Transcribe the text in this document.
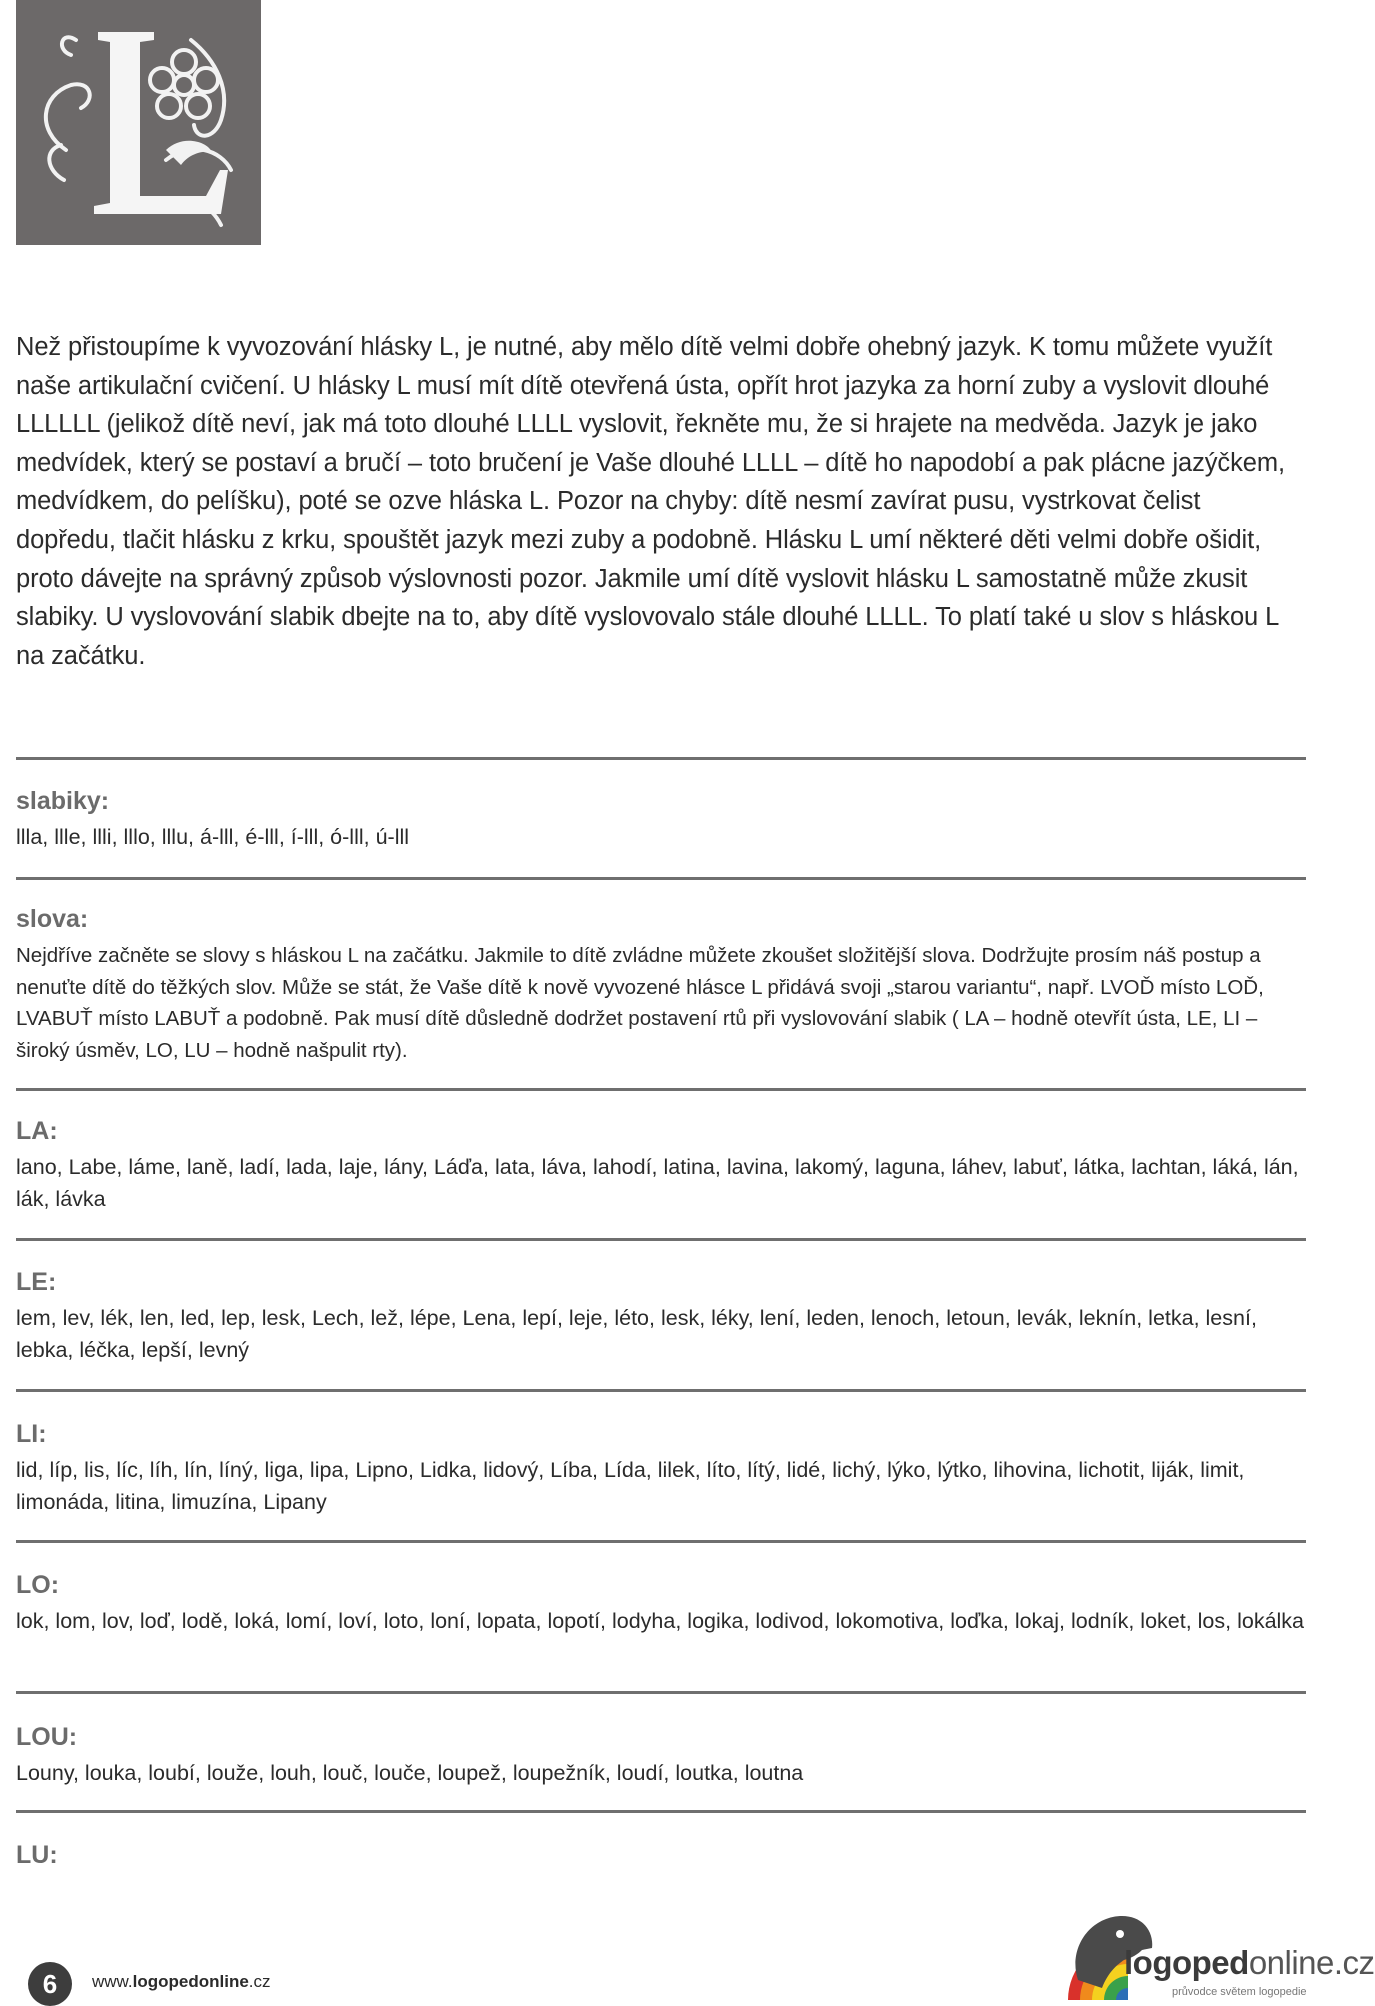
Než přistoupíme k vyvozování hlásky L, je nutné, aby mělo dítě velmi dobře ohebný jazyk. K tomu můžete využít naše artikulační cvičení. U hlásky L musí mít dítě otevřená ústa, opřít hrot jazyka za horní zuby a vyslovit dlouhé LLLLLL (jelikož dítě neví, jak má toto dlouhé LLLL vyslovit, řekněte mu, že si hrajete na medvěda. Jazyk je jako medvídek, který se postaví a bručí – toto bručení je Vaše dlouhé LLLL – dítě ho napodobí a pak plácne jazýčkem, medvídkem, do pelíšku), poté se ozve hláska L. Pozor na chyby: dítě nesmí zavírat pusu, vystrkovat čelist dopředu, tlačit hlásku z krku, spouštět jazyk mezi zuby a podobně. Hlásku L umí některé děti velmi dobře ošidit, proto dávejte na správný způsob výslovnosti pozor. Jakmile umí dítě vyslovit hlásku L samostatně může zkusit slabiky. U vyslovování slabik dbejte na to, aby dítě vyslovovalo stále dlouhé LLLL. To platí také u slov s hláskou L na začátku.

slabiky:

llla, llle, llli, lllo, lllu, á-lll, é-lll, í-lll, ó-lll, ú-lll

slova:

Nejdříve začněte se slovy s hláskou L na začátku. Jakmile to dítě zvládne můžete zkoušet složitější slova. Dodržujte prosím náš postup a nenuťte dítě do těžkých slov. Může se stát, že Vaše dítě k nově vyvozené hlásce L přidává svoji „starou variantu“, např. LVOĎ místo LOĎ, LVABUŤ místo LABUŤ a podobně. Pak musí dítě důsledně dodržet postavení rtů při vyslovování slabik ( LA – hodně otevřít ústa, LE, LI – široký úsměv, LO, LU – hodně našpulit rty).

LA:

lano, Labe, láme, laně, ladí, lada, laje, lány, Láďa, lata, láva, lahodí, latina, lavina, lakomý, laguna, láhev, labuť, látka, lachtan, láká, lán, lák, lávka

LE:

lem, lev, lék, len, led, lep, lesk, Lech, lež, lépe, Lena, lepí, leje, léto, lesk, léky, lení, leden, lenoch, letoun, levák, leknín, letka, lesní, lebka, léčka, lepší, levný

LI:

lid, líp, lis, líc, líh, lín, líný, liga, lipa, Lipno, Lidka, lidový, Líba, Lída, lilek, líto, lítý, lidé, lichý, lýko, lýtko, lihovina, lichotit, liják, limit, limonáda, litina, limuzína, Lipany

LO:

lok, lom, lov, loď, lodě, loká, lomí, loví, loto, loní, lopata, lopotí, lodyha, logika, lodivod, lokomotiva, loďka, lokaj, lodník, loket, los, lokálka

LOU:

Louny, louka, loubí, louže, louh, louč, louče, loupež, loupežník, loudí, loutka, loutna

LU:

6	www.logopedonline.cz
logopedonline.cz
průvodce světem logopedie
